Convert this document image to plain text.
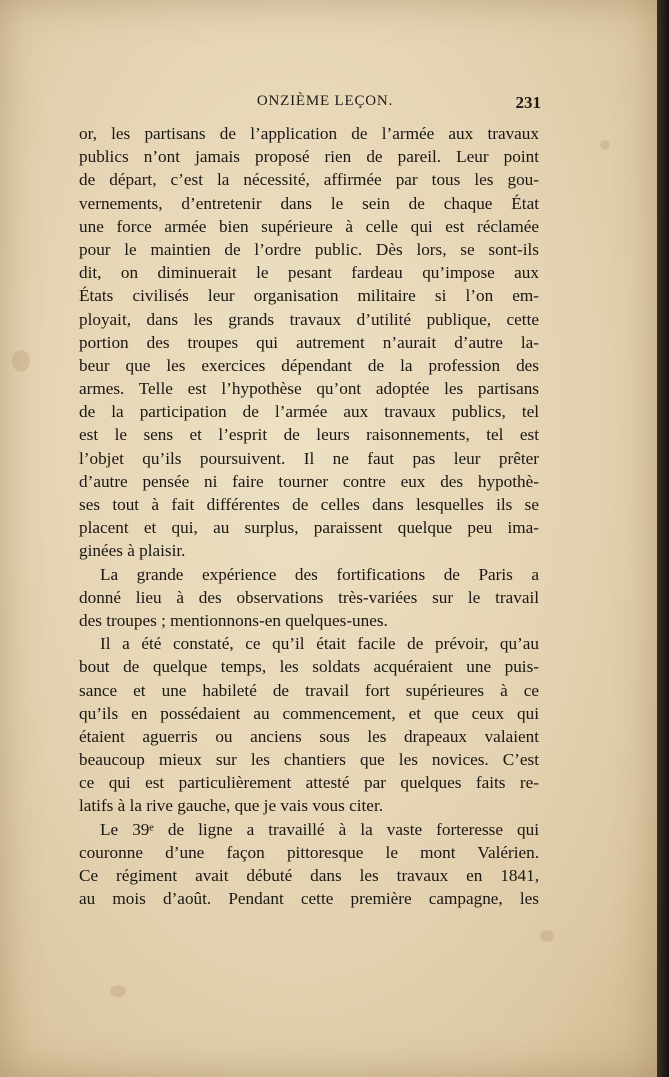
ONZIÈME LEÇON.	231
or, les partisans de l’application de l’armée aux travaux
publics n’ont jamais proposé rien de pareil. Leur point
de départ, c’est la nécessité, affirmée par tous les gou-
vernements, d’entretenir dans le sein de chaque État
une force armée bien supérieure à celle qui est réclamée
pour le maintien de l’ordre public. Dès lors, se sont-ils
dit, on diminuerait le pesant fardeau qu’impose aux
États civilisés leur organisation militaire si l’on em-
ployait, dans les grands travaux d’utilité publique, cette
portion des troupes qui autrement n’aurait d’autre la-
beur que les exercices dépendant de la profession des
armes. Telle est l’hypothèse qu’ont adoptée les partisans
de la participation de l’armée aux travaux publics, tel
est le sens et l’esprit de leurs raisonnements, tel est
l’objet qu’ils poursuivent. Il ne faut pas leur prêter
d’autre pensée ni faire tourner contre eux des hypothè-
ses tout à fait différentes de celles dans lesquelles ils se
placent et qui, au surplus, paraissent quelque peu ima-
ginées à plaisir.
La grande expérience des fortifications de Paris a
donné lieu à des observations très-variées sur le travail
des troupes ; mentionnons-en quelques-unes.
Il a été constaté, ce qu’il était facile de prévoir, qu’au
bout de quelque temps, les soldats acquéraient une puis-
sance et une habileté de travail fort supérieures à ce
qu’ils en possédaient au commencement, et que ceux qui
étaient aguerris ou anciens sous les drapeaux valaient
beaucoup mieux sur les chantiers que les novices. C’est
ce qui est particulièrement attesté par quelques faits re-
latifs à la rive gauche, que je vais vous citer.
Le 39ᵉ de ligne a travaillé à la vaste forteresse qui
couronne d’une façon pittoresque le mont Valérien.
Ce régiment avait débuté dans les travaux en 1841,
au mois d’août. Pendant cette première campagne, les
